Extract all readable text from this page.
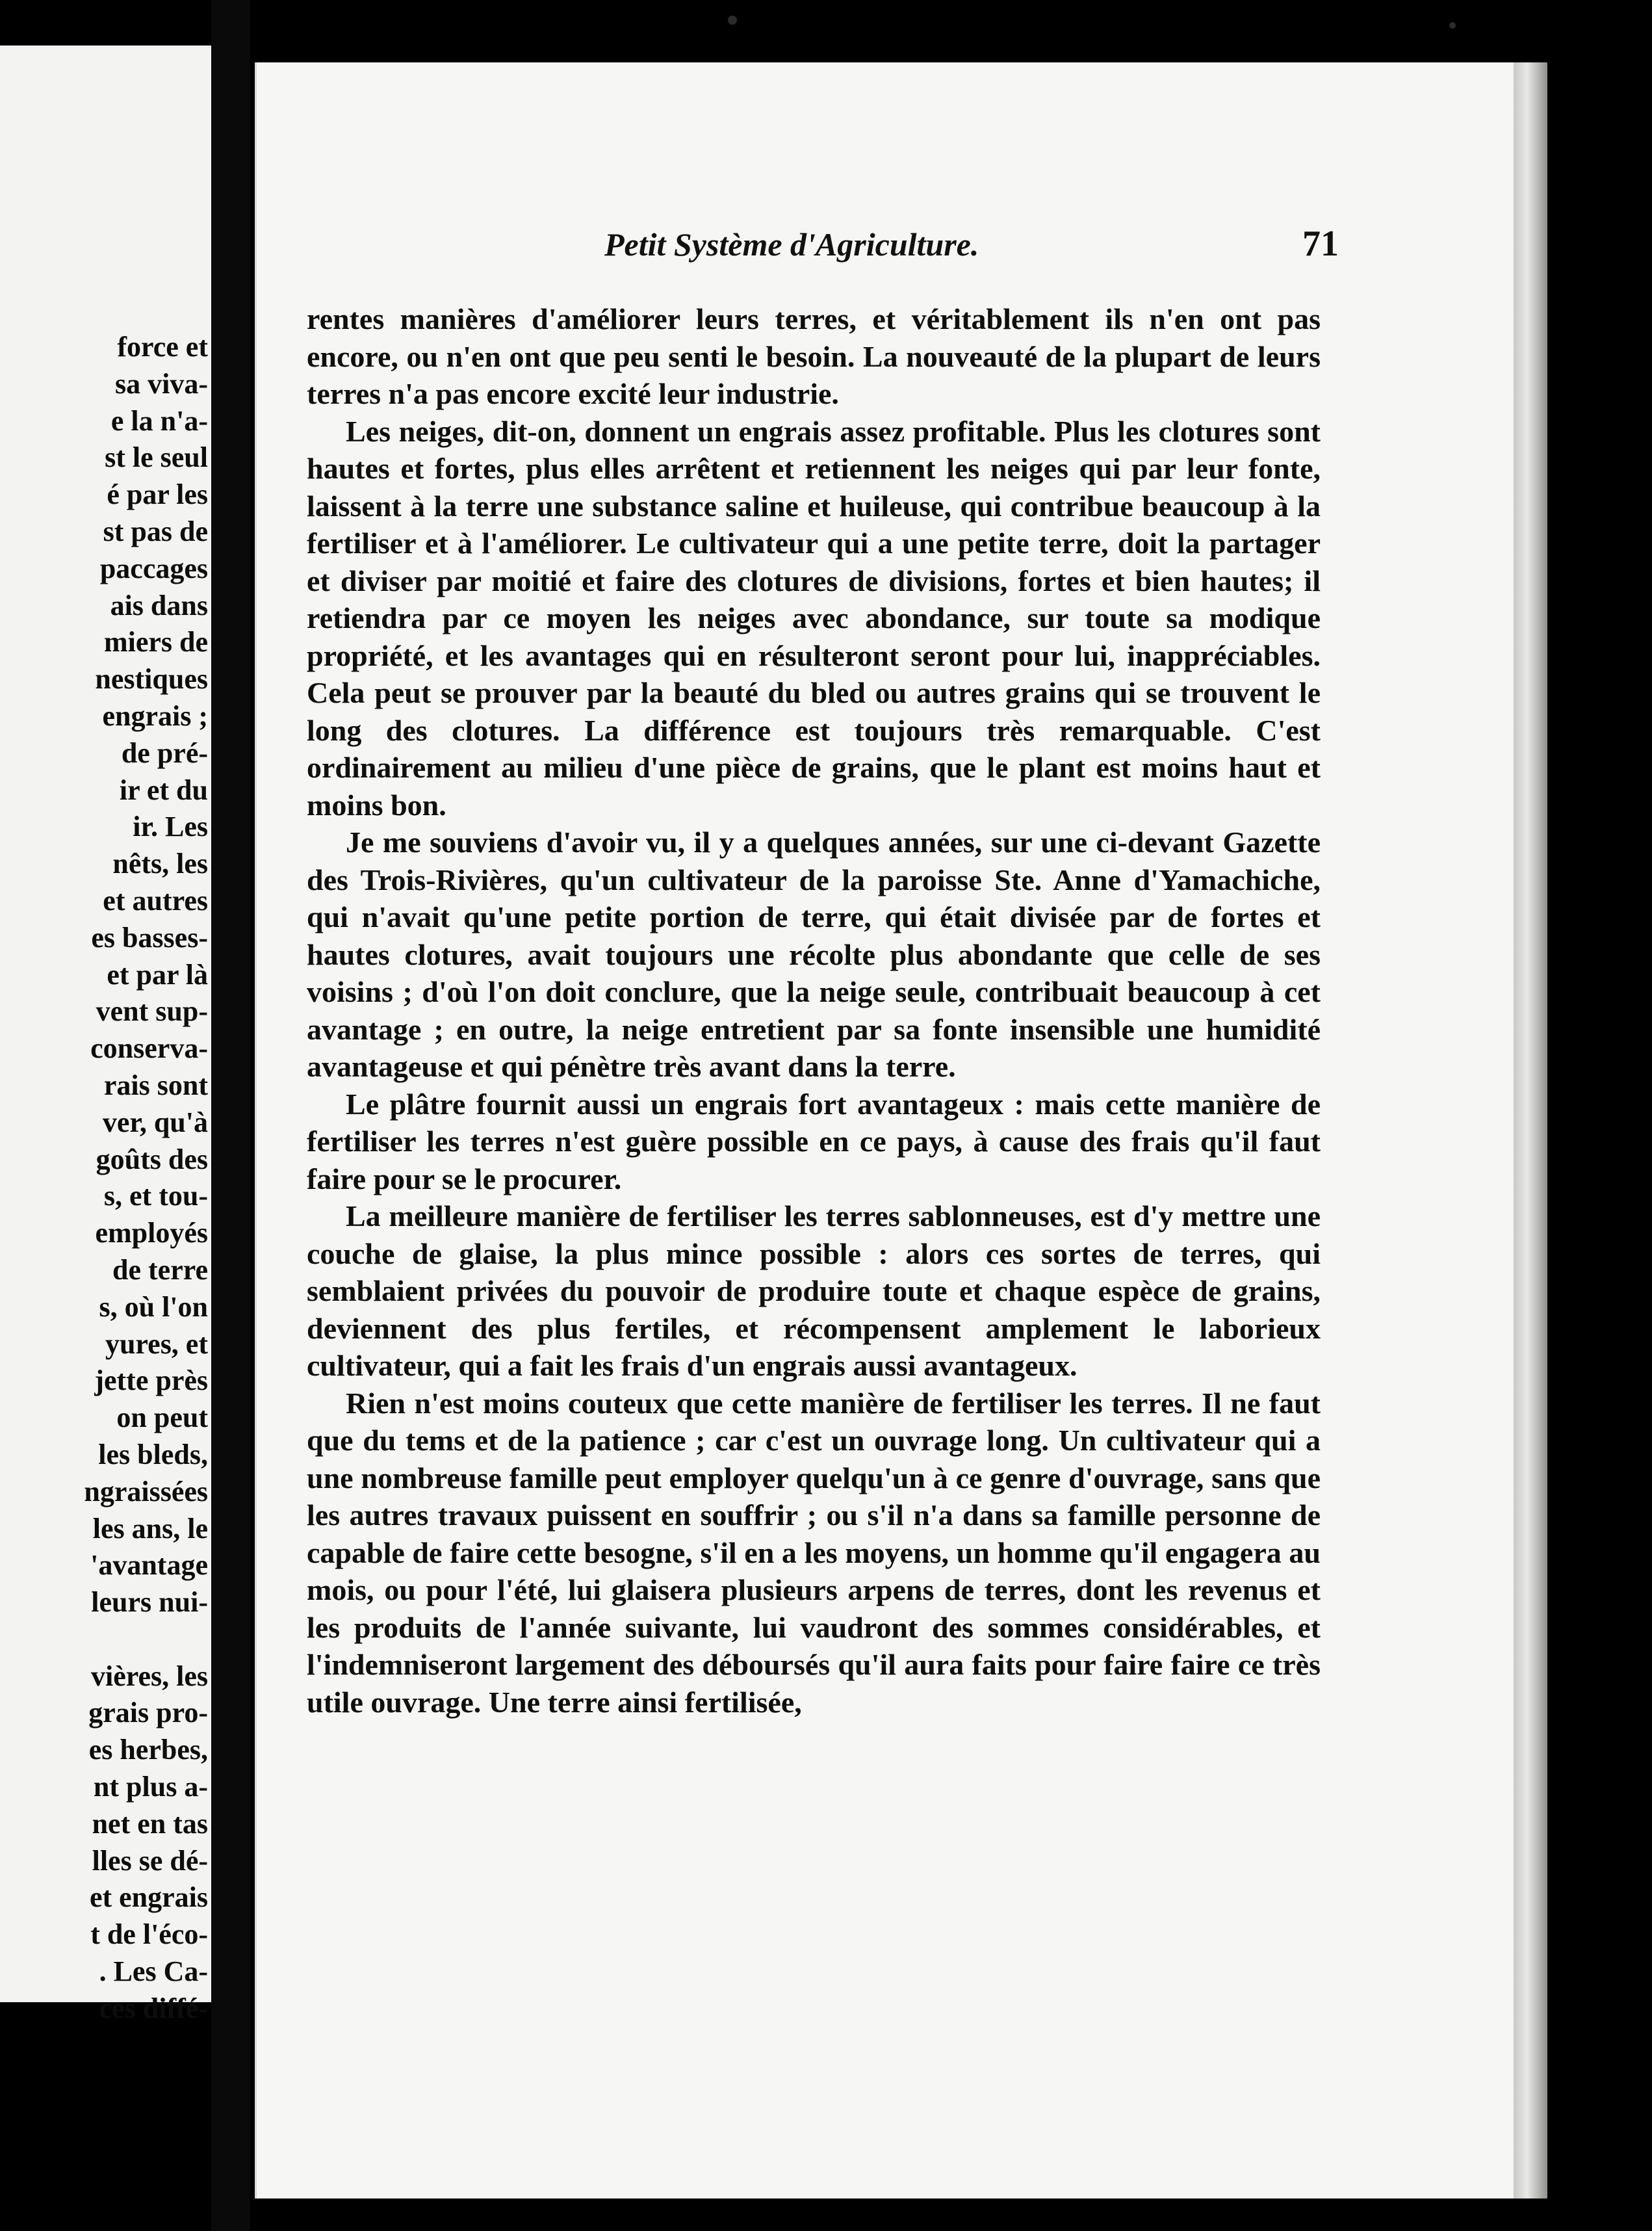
force et
sa viva-
e la n'a-
st le seul
é par les
st pas de
paccages
ais dans
miers de
nestiques
engrais ;
de pré-
ir et du
ir. Les
nêts, les
et autres
es basses-
et par là
vent sup-
conserva-
rais sont
ver, qu'à
goûts des
s, et tou-
employés
de terre
s, où l'on
yures, et
jette près
on peut
les bleds,
ngraissées
les ans, le
'avantage
leurs nui-
vières, les
grais pro-
es herbes,
nt plus a-
net en tas
lles se dé-
et engrais
t de l'éco-
. Les Ca-
ces diffé-
Petit Système d'Agriculture.	71

rentes manières d'améliorer leurs terres, et véritablement ils n'en ont pas encore, ou n'en ont que peu senti le besoin. La nouveauté de la plupart de leurs terres n'a pas encore excité leur industrie.

Les neiges, dit-on, donnent un engrais assez profitable. Plus les clotures sont hautes et fortes, plus elles arrêtent et retiennent les neiges qui par leur fonte, laissent à la terre une substance saline et huileuse, qui contribue beaucoup à la fertiliser et à l'améliorer. Le cultivateur qui a une petite terre, doit la partager et diviser par moitié et faire des clotures de divisions, fortes et bien hautes; il retiendra par ce moyen les neiges avec abondance, sur toute sa modique propriété, et les avantages qui en résulteront seront pour lui, inappréciables. Cela peut se prouver par la beauté du bled ou autres grains qui se trouvent le long des clotures. La différence est toujours très remarquable. C'est ordinairement au milieu d'une pièce de grains, que le plant est moins haut et moins bon.

Je me souviens d'avoir vu, il y a quelques années, sur une ci-devant Gazette des Trois-Rivières, qu'un cultivateur de la paroisse Ste. Anne d'Yamachiche, qui n'avait qu'une petite portion de terre, qui était divisée par de fortes et hautes clotures, avait toujours une récolte plus abondante que celle de ses voisins ; d'où l'on doit conclure, que la neige seule, contribuait beaucoup à cet avantage ; en outre, la neige entretient par sa fonte insensible une humidité avantageuse et qui pénètre très avant dans la terre.

Le plâtre fournit aussi un engrais fort avantageux : mais cette manière de fertiliser les terres n'est guère possible en ce pays, à cause des frais qu'il faut faire pour se le procurer.

La meilleure manière de fertiliser les terres sablonneuses, est d'y mettre une couche de glaise, la plus mince possible : alors ces sortes de terres, qui semblaient privées du pouvoir de produire toute et chaque espèce de grains, deviennent des plus fertiles, et récompensent amplement le laborieux cultivateur, qui a fait les frais d'un engrais aussi avantageux.

Rien n'est moins couteux que cette manière de fertiliser les terres. Il ne faut que du tems et de la patience ; car c'est un ouvrage long. Un cultivateur qui a une nombreuse famille peut employer quelqu'un à ce genre d'ouvrage, sans que les autres travaux puissent en souffrir ; ou s'il n'a dans sa famille personne de capable de faire cette besogne, s'il en a les moyens, un homme qu'il engagera au mois, ou pour l'été, lui glaisera plusieurs arpens de terres, dont les revenus et les produits de l'année suivante, lui vaudront des sommes considérables, et l'indemniseront largement des déboursés qu'il aura faits pour faire faire ce très utile ouvrage. Une terre ainsi fertilisée,
